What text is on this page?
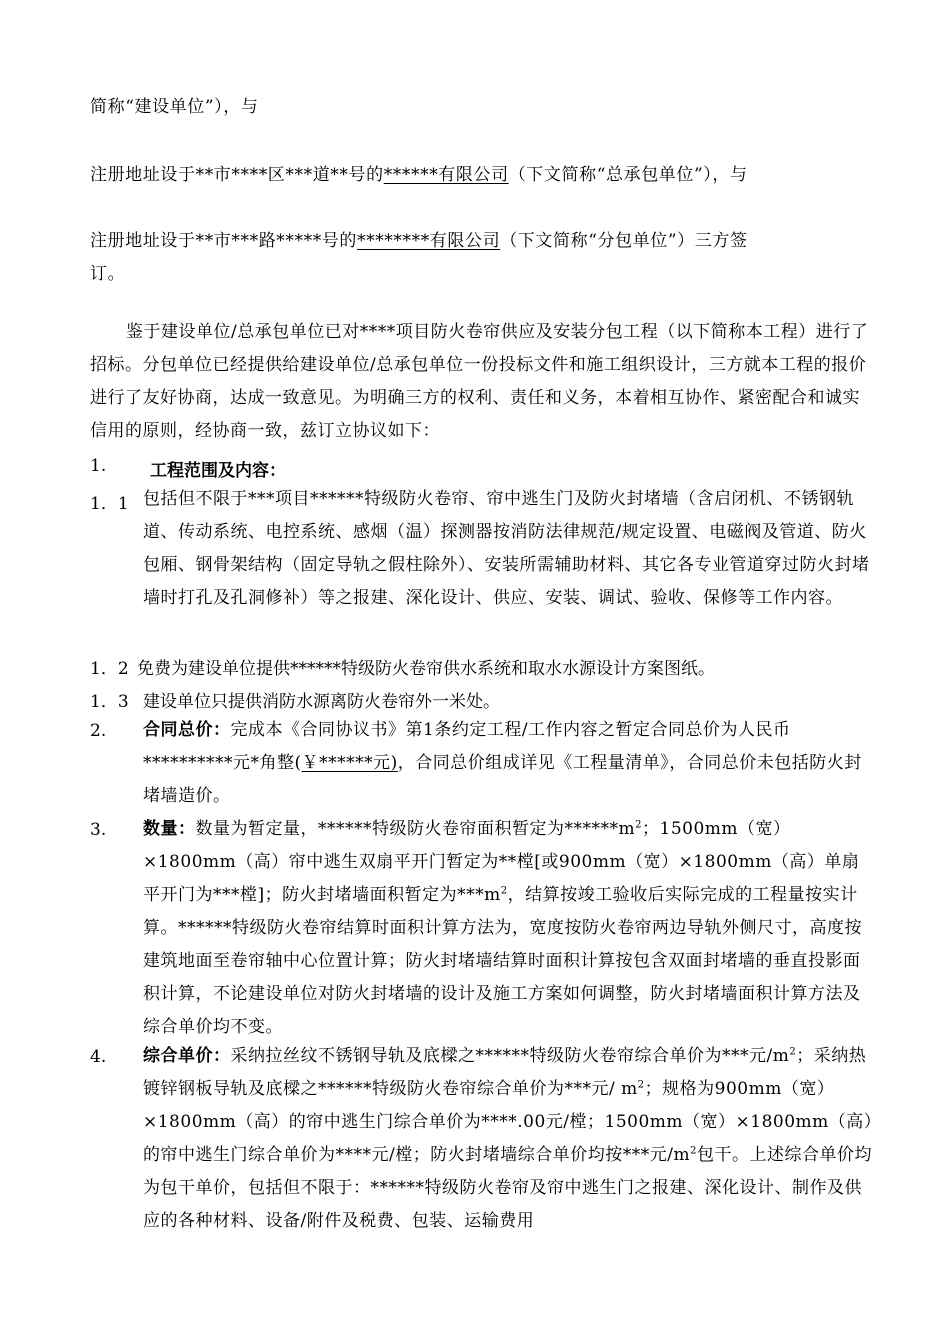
简称“建设单位”），与
注册地址设于**市****区***道**号的******有限公司（下文简称“总承包单位”），与
注册地址设于**市***路*****号的********有限公司（下文简称“分包单位”）三方签
订。
鉴于建设单位/总承包单位已对****项目防火卷帘供应及安装分包工程（以下简称本工程）进行了招标。分包单位已经提供给建设单位/总承包单位一份投标文件和施工组织设计，三方就本工程的报价进行了友好协商，达成一致意见。为明确三方的权利、责任和义务，本着相互协作、紧密配合和诚实信用的原则，经协商一致，兹订立协议如下：
1.	工程范围及内容：
1．1 包括但不限于***项目******特级防火卷帘、帘中逃生门及防火封堵墙（含启闭机、不锈钢轨道、传动系统、电控系统、感烟（温）探测器按消防法律规范/规定设置、电磁阀及管道、防火包厢、钢骨架结构（固定导轨之假柱除外）、安装所需辅助材料、其它各专业管道穿过防火封堵墙时打孔及孔洞修补）等之报建、深化设计、供应、安装、调试、验收、保修等工作内容。
1．2 免费为建设单位提供******特级防火卷帘供水系统和取水水源设计方案图纸。
1．3 建设单位只提供消防水源离防火卷帘外一米处。
2. 合同总价：完成本《合同协议书》第1条约定工程/工作内容之暂定合同总价为人民币**********元*角整(￥******元)，合同总价组成详见《工程量清单》，合同总价未包括防火封堵墙造价。
3. 数量：数量为暂定量，******特级防火卷帘面积暂定为$******m^2$；1500mm（宽）×1800mm（高）帘中逃生双扇平开门暂定为**樘[或900mm（宽）×1800mm（高）单扇平开门为***樘]；防火封堵墙面积暂定为$***m^2$，结算按竣工验收后实际完成的工程量按实计算。******特级防火卷帘结算时面积计算方法为，宽度按防火卷帘两边导轨外侧尺寸，高度按建筑地面至卷帘轴中心位置计算；防火封堵墙结算时面积计算按包含双面封堵墙的垂直投影面积计算，不论建设单位对防火封堵墙的设计及施工方案如何调整，防火封堵墙面积计算方法及综合单价均不变。
4. 综合单价：采纳拉丝纹不锈钢导轨及底樑之******特级防火卷帘综合单价为***元$/m^2$；采纳热镀锌钢板导轨及底樑之******特级防火卷帘综合单价为***元/ $m^2$；规格为900mm（宽）×1800mm（高）的帘中逃生门综合单价为****.00元/樘；1500mm（宽）×1800mm（高）的帘中逃生门综合单价为****元/樘；防火封堵墙综合单价均按***元$/m^2$包干。上述综合单价均为包干单价，包括但不限于：******特级防火卷帘及帘中逃生门之报建、深化设计、制作及供应的各种材料、设备/附件及税费、包装、运输费用
